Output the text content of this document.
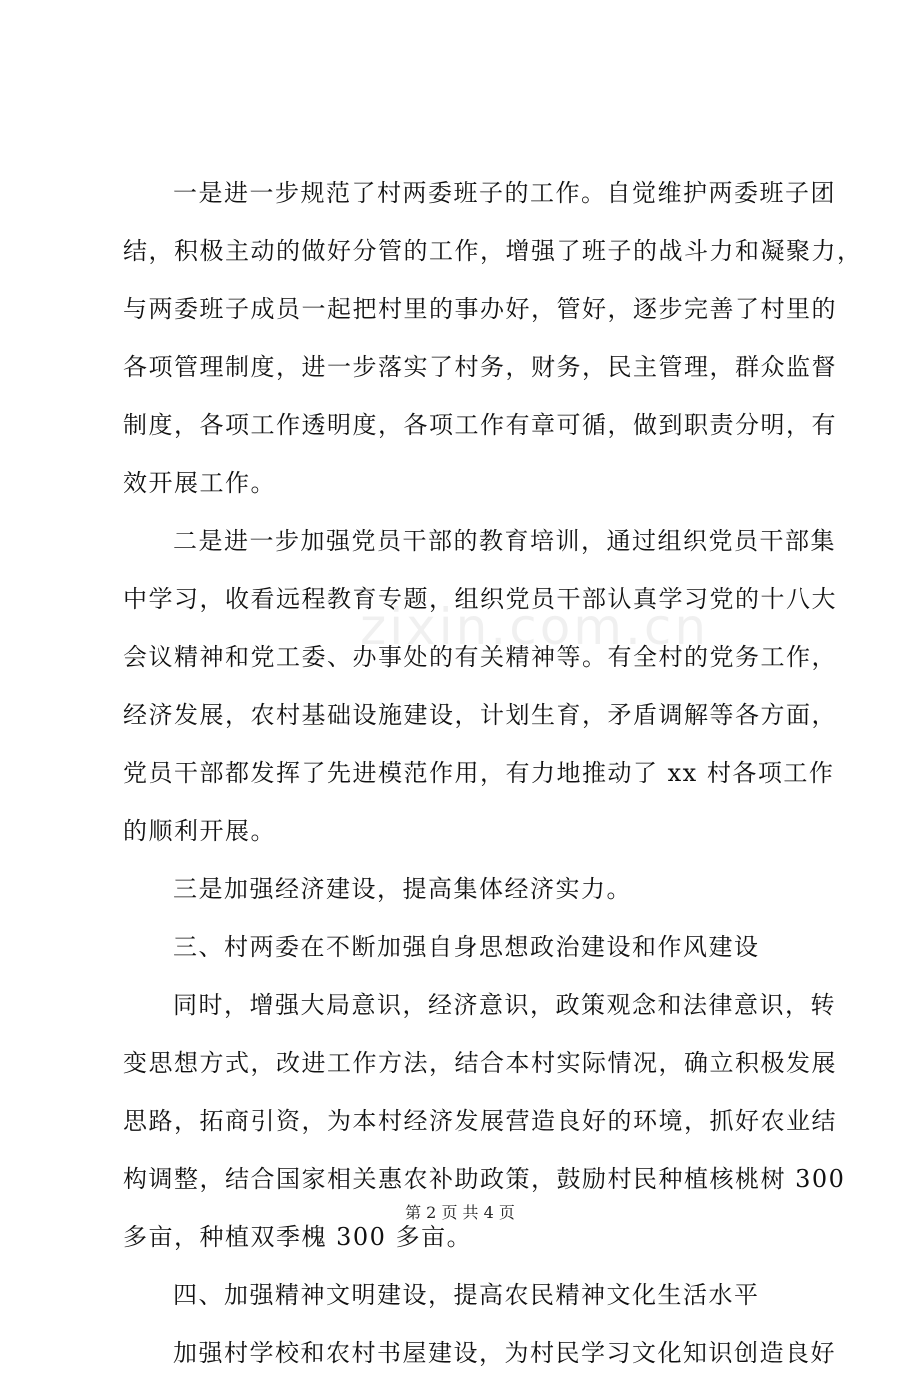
zixin.com.cn
一是进一步规范了村两委班子的工作。自觉维护两委班子团
结，积极主动的做好分管的工作，增强了班子的战斗力和凝聚力，
与两委班子成员一起把村里的事办好，管好，逐步完善了村里的
各项管理制度，进一步落实了村务，财务，民主管理，群众监督
制度，各项工作透明度，各项工作有章可循，做到职责分明，有
效开展工作。
二是进一步加强党员干部的教育培训，通过组织党员干部集
中学习，收看远程教育专题，组织党员干部认真学习党的十八大
会议精神和党工委、办事处的有关精神等。有全村的党务工作，
经济发展，农村基础设施建设，计划生育，矛盾调解等各方面，
党员干部都发挥了先进模范作用，有力地推动了 xx 村各项工作
的顺利开展。
三是加强经济建设，提高集体经济实力。
三、村两委在不断加强自身思想政治建设和作风建设
同时，增强大局意识，经济意识，政策观念和法律意识，转
变思想方式，改进工作方法，结合本村实际情况，确立积极发展
思路，拓商引资，为本村经济发展营造良好的环境，抓好农业结
构调整，结合国家相关惠农补助政策，鼓励村民种植核桃树 300
多亩，种植双季槐 300 多亩。
四、加强精神文明建设，提高农民精神文化生活水平
加强村学校和农村书屋建设，为村民学习文化知识创造良好
第 2 页 共 4 页
